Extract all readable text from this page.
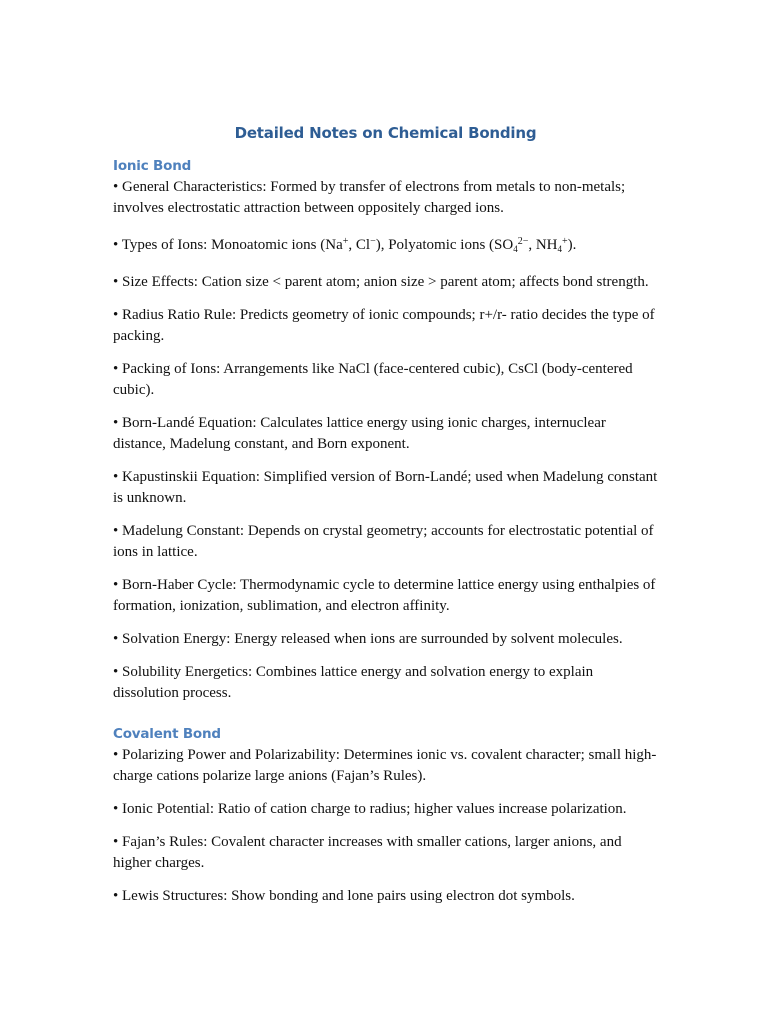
Detailed Notes on Chemical Bonding
Ionic Bond

• General Characteristics: Formed by transfer of electrons from metals to non-metals; involves electrostatic attraction between oppositely charged ions.

• Types of Ions: Monoatomic ions (Na+, Cl−), Polyatomic ions ($SO_4^{2-}$, $NH_4^+$).

• Size Effects: Cation size < parent atom; anion size > parent atom; affects bond strength.

• Radius Ratio Rule: Predicts geometry of ionic compounds; r+/r- ratio decides the type of packing.

• Packing of Ions: Arrangements like NaCl (face-centered cubic), CsCl (body-centered cubic).

• Born-Landé Equation: Calculates lattice energy using ionic charges, internuclear distance, Madelung constant, and Born exponent.

• Kapustinskii Equation: Simplified version of Born-Landé; used when Madelung constant is unknown.

• Madelung Constant: Depends on crystal geometry; accounts for electrostatic potential of ions in lattice.

• Born-Haber Cycle: Thermodynamic cycle to determine lattice energy using enthalpies of formation, ionization, sublimation, and electron affinity.

• Solvation Energy: Energy released when ions are surrounded by solvent molecules.

• Solubility Energetics: Combines lattice energy and solvation energy to explain dissolution process.

Covalent Bond

• Polarizing Power and Polarizability: Determines ionic vs. covalent character; small high-charge cations polarize large anions (Fajan’s Rules).

• Ionic Potential: Ratio of cation charge to radius; higher values increase polarization.

• Fajan’s Rules: Covalent character increases with smaller cations, larger anions, and higher charges.

• Lewis Structures: Show bonding and lone pairs using electron dot symbols.
